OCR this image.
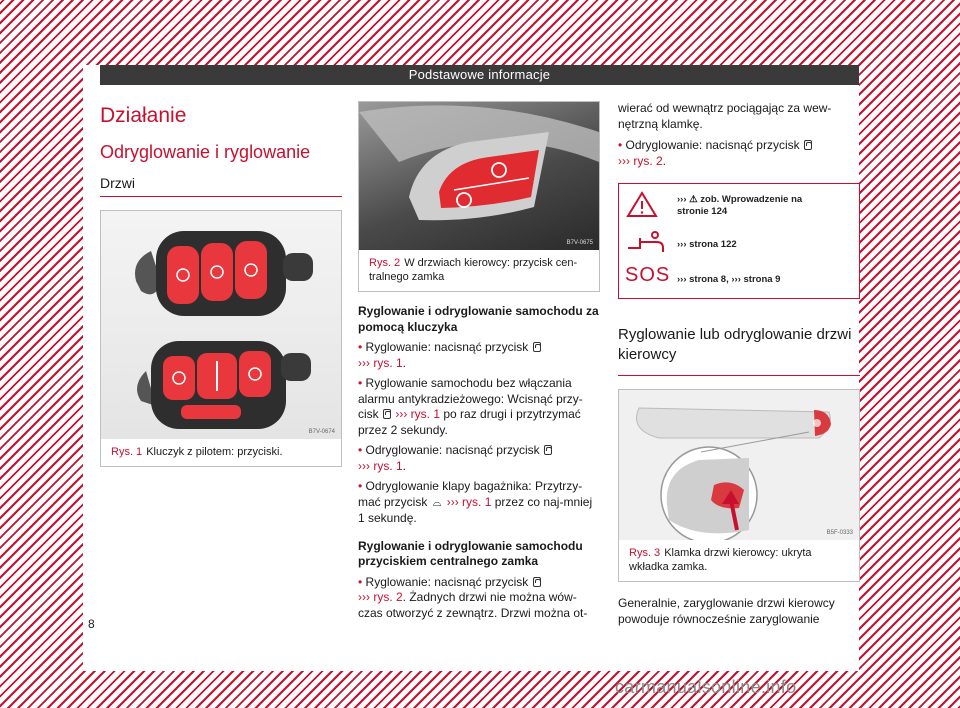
Podstawowe informacje
Działanie
Odryglowanie i ryglowanie
Drzwi
B7V-0674
Rys. 1 Kluczyk z pilotem: przyciski.
B7V-0675
Rys. 2 W drzwiach kierowcy: przycisk cen-tralnego zamka
Ryglowanie i odryglowanie samochodu za pomocą kluczyka
• Ryglowanie: nacisnąć przycisk
››› rys. 1.
• Ryglowanie samochodu bez włączania alarmu antykradzieżowego: Wcisnąć przy-cisk ››› rys. 1 po raz drugi i przytrzymać przez 2 sekundy.
• Odryglowanie: nacisnąć przycisk
››› rys. 1.
• Odryglowanie klapy bagażnika: Przytrzy-mać przycisk ⌓ ››› rys. 1 przez co naj-mniej 1 sekundę.
Ryglowanie i odryglowanie samochodu przyciskiem centralnego zamka
• Ryglowanie: nacisnąć przycisk
››› rys. 2. Żadnych drzwi nie można wów-czas otworzyć z zewnątrz. Drzwi można ot-
wierać od wewnątrz pociągając za wew-nętrzną klamkę.
• Odryglowanie: nacisnąć przycisk
››› rys. 2.
››› ⚠ zob. Wprowadzenie na stronie 124
››› strona 122
SOS ››› strona 8, ››› strona 9
Ryglowanie lub odryglowanie drzwi kierowcy
B5F-0333
Rys. 3 Klamka drzwi kierowcy: ukryta wkładka zamka.
Generalnie, zaryglowanie drzwi kierowcy powoduje równocześnie zaryglowanie
8
carmanualsonline.info
